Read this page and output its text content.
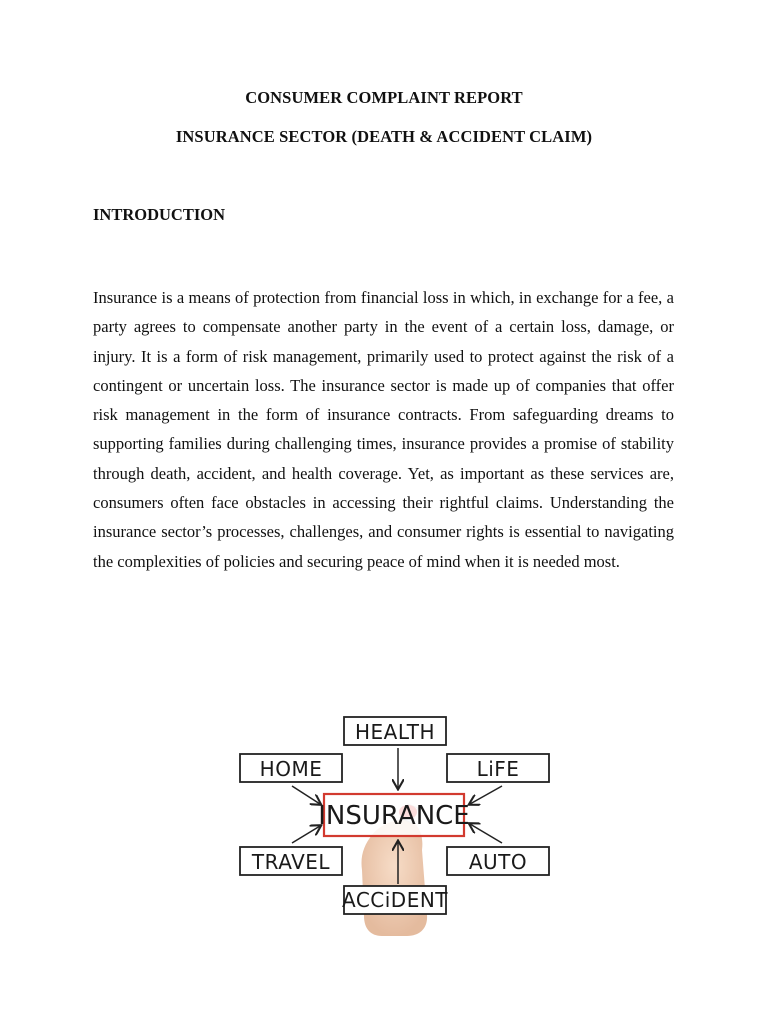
CONSUMER COMPLAINT REPORT
INSURANCE SECTOR (DEATH & ACCIDENT CLAIM)
INTRODUCTION
Insurance is a means of protection from financial loss in which, in exchange for a fee, a party agrees to compensate another party in the event of a certain loss, damage, or injury. It is a form of risk management, primarily used to protect against the risk of a contingent or uncertain loss. The insurance sector is made up of companies that offer risk management in the form of insurance contracts. From safeguarding dreams to supporting families during challenging times, insurance provides a promise of stability through death, accident, and health coverage. Yet, as important as these services are, consumers often face obstacles in accessing their rightful claims. Understanding the insurance sector’s processes, challenges, and consumer rights is essential to navigating the complexities of policies and securing peace of mind when it is needed most.
HEALTH
HOME	LiFE
TRAVEL	AUTO
INSURANCE
ACCiDENT
